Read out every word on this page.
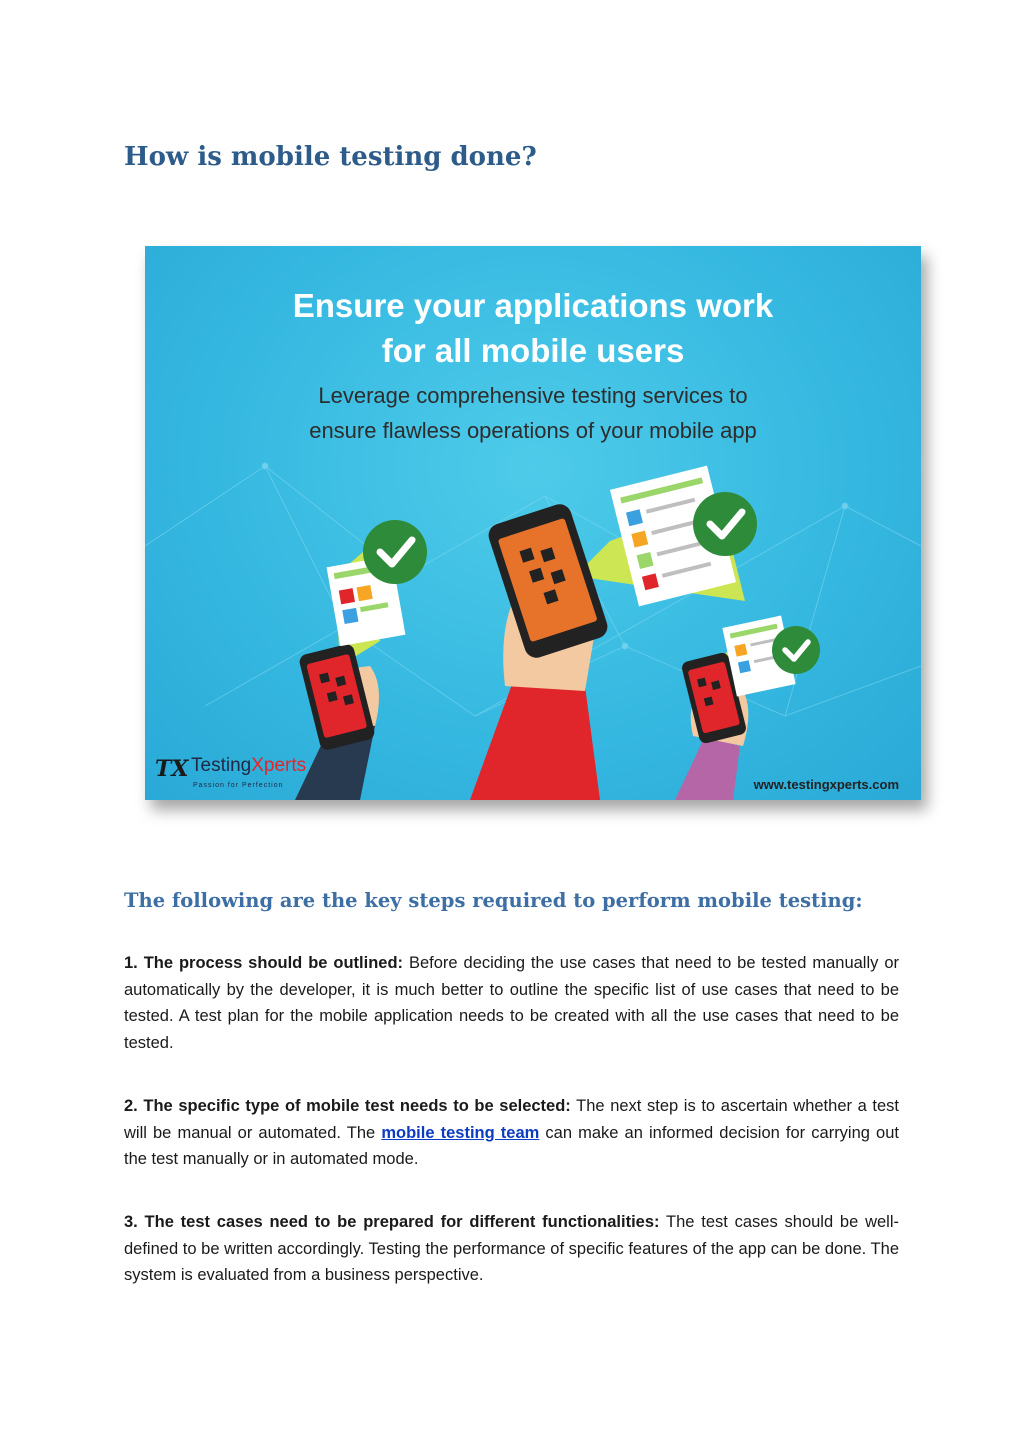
How is mobile testing done?

Ensure your applications work

for all mobile users

Leverage comprehensive testing services to

ensure flawless operations of your mobile app

TX TestingXperts
Passion for Perfection	www.testingxperts.com
The following are the key steps required to perform mobile testing:

1. The process should be outlined: Before deciding the use cases that need to be tested manually or automatically by the developer, it is much better to outline the specific list of use cases that need to be tested. A test plan for the mobile application needs to be created with all the use cases that need to be tested.

2. The specific type of mobile test needs to be selected: The next step is to ascertain whether a test will be manual or automated. The mobile testing team can make an informed decision for carrying out the test manually or in automated mode.

3. The test cases need to be prepared for different functionalities: The test cases should be well-defined to be written accordingly. Testing the performance of specific features of the app can be done. The system is evaluated from a business perspective.
